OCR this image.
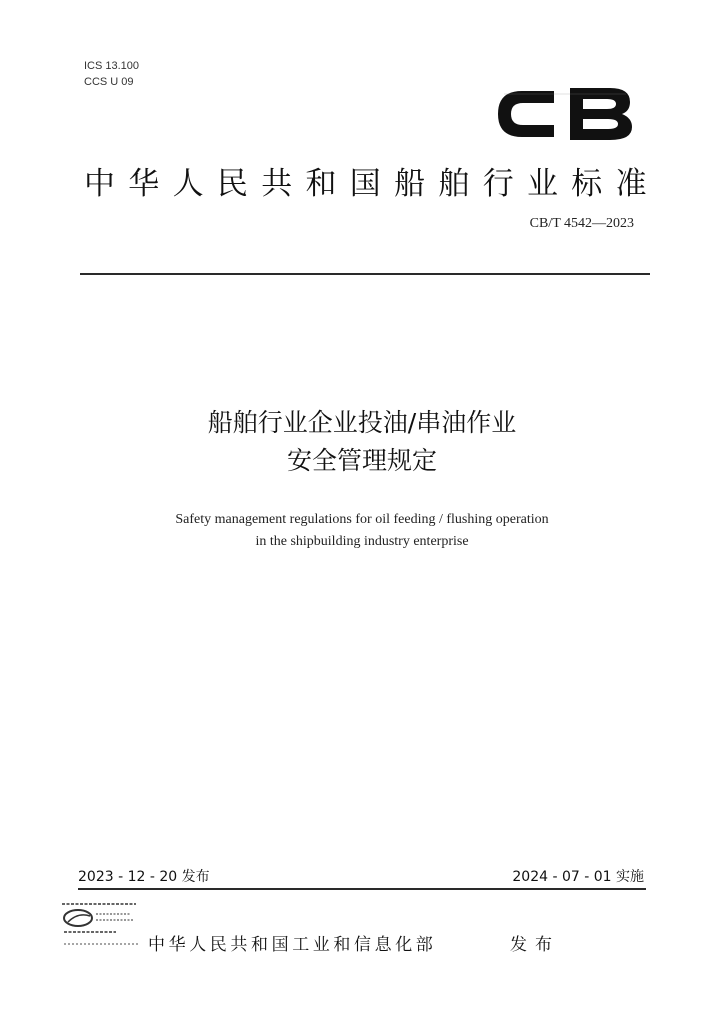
ICS 13.100
CCS U 09
中华人民共和国船舶行业标准
CB/T 4542—2023
船舶行业企业投油/串油作业
安全管理规定
Safety management regulations for oil feeding / flushing operation
in the shipbuilding industry enterprise
2023 - 12 - 20 发布	2024 - 07 - 01 实施
中华人民共和国工业和信息化部	发布
